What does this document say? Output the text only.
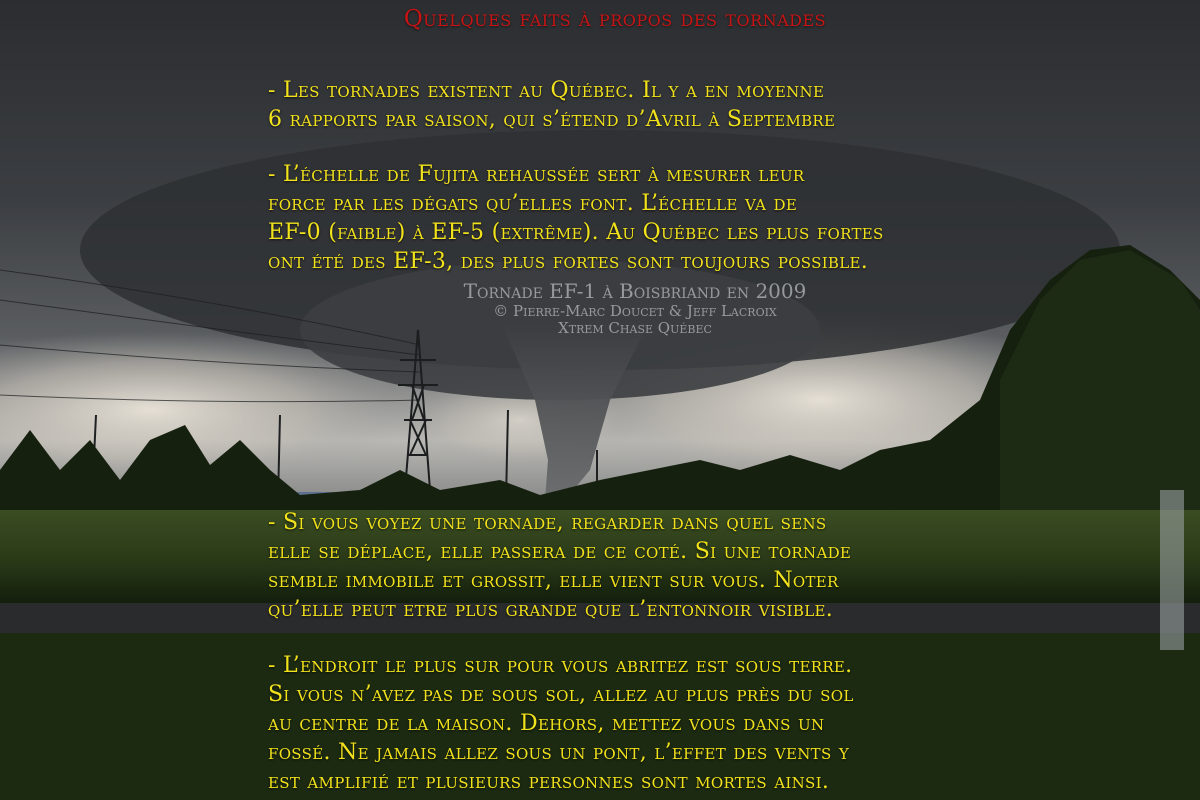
Quelques faits à propos des tornades
- Les tornades existent au Québec. Il y a en moyenne
6 rapports par saison, qui s’étend d’Avril à Septembre
- L’échelle de Fujita rehaussée sert à mesurer leur
force par les dégats qu’elles font. L’échelle va de
EF-0 (faible) à EF-5 (extrême). Au Québec les plus fortes
ont été des EF-3, des plus fortes sont toujours possible.
Tornade EF-1 à Boisbriand en 2009
© Pierre-Marc Doucet & Jeff Lacroix
Xtrem Chase Québec
- Si vous voyez une tornade, regarder dans quel sens
elle se déplace, elle passera de ce coté. Si une tornade
semble immobile et grossit, elle vient sur vous. Noter
qu’elle peut etre plus grande que l’entonnoir visible.
- L’endroit le plus sur pour vous abritez est sous terre.
Si vous n’avez pas de sous sol, allez au plus près du sol
au centre de la maison. Dehors, mettez vous dans un
fossé. Ne jamais allez sous un pont, l’effet des vents y
est amplifié et plusieurs personnes sont mortes ainsi.
